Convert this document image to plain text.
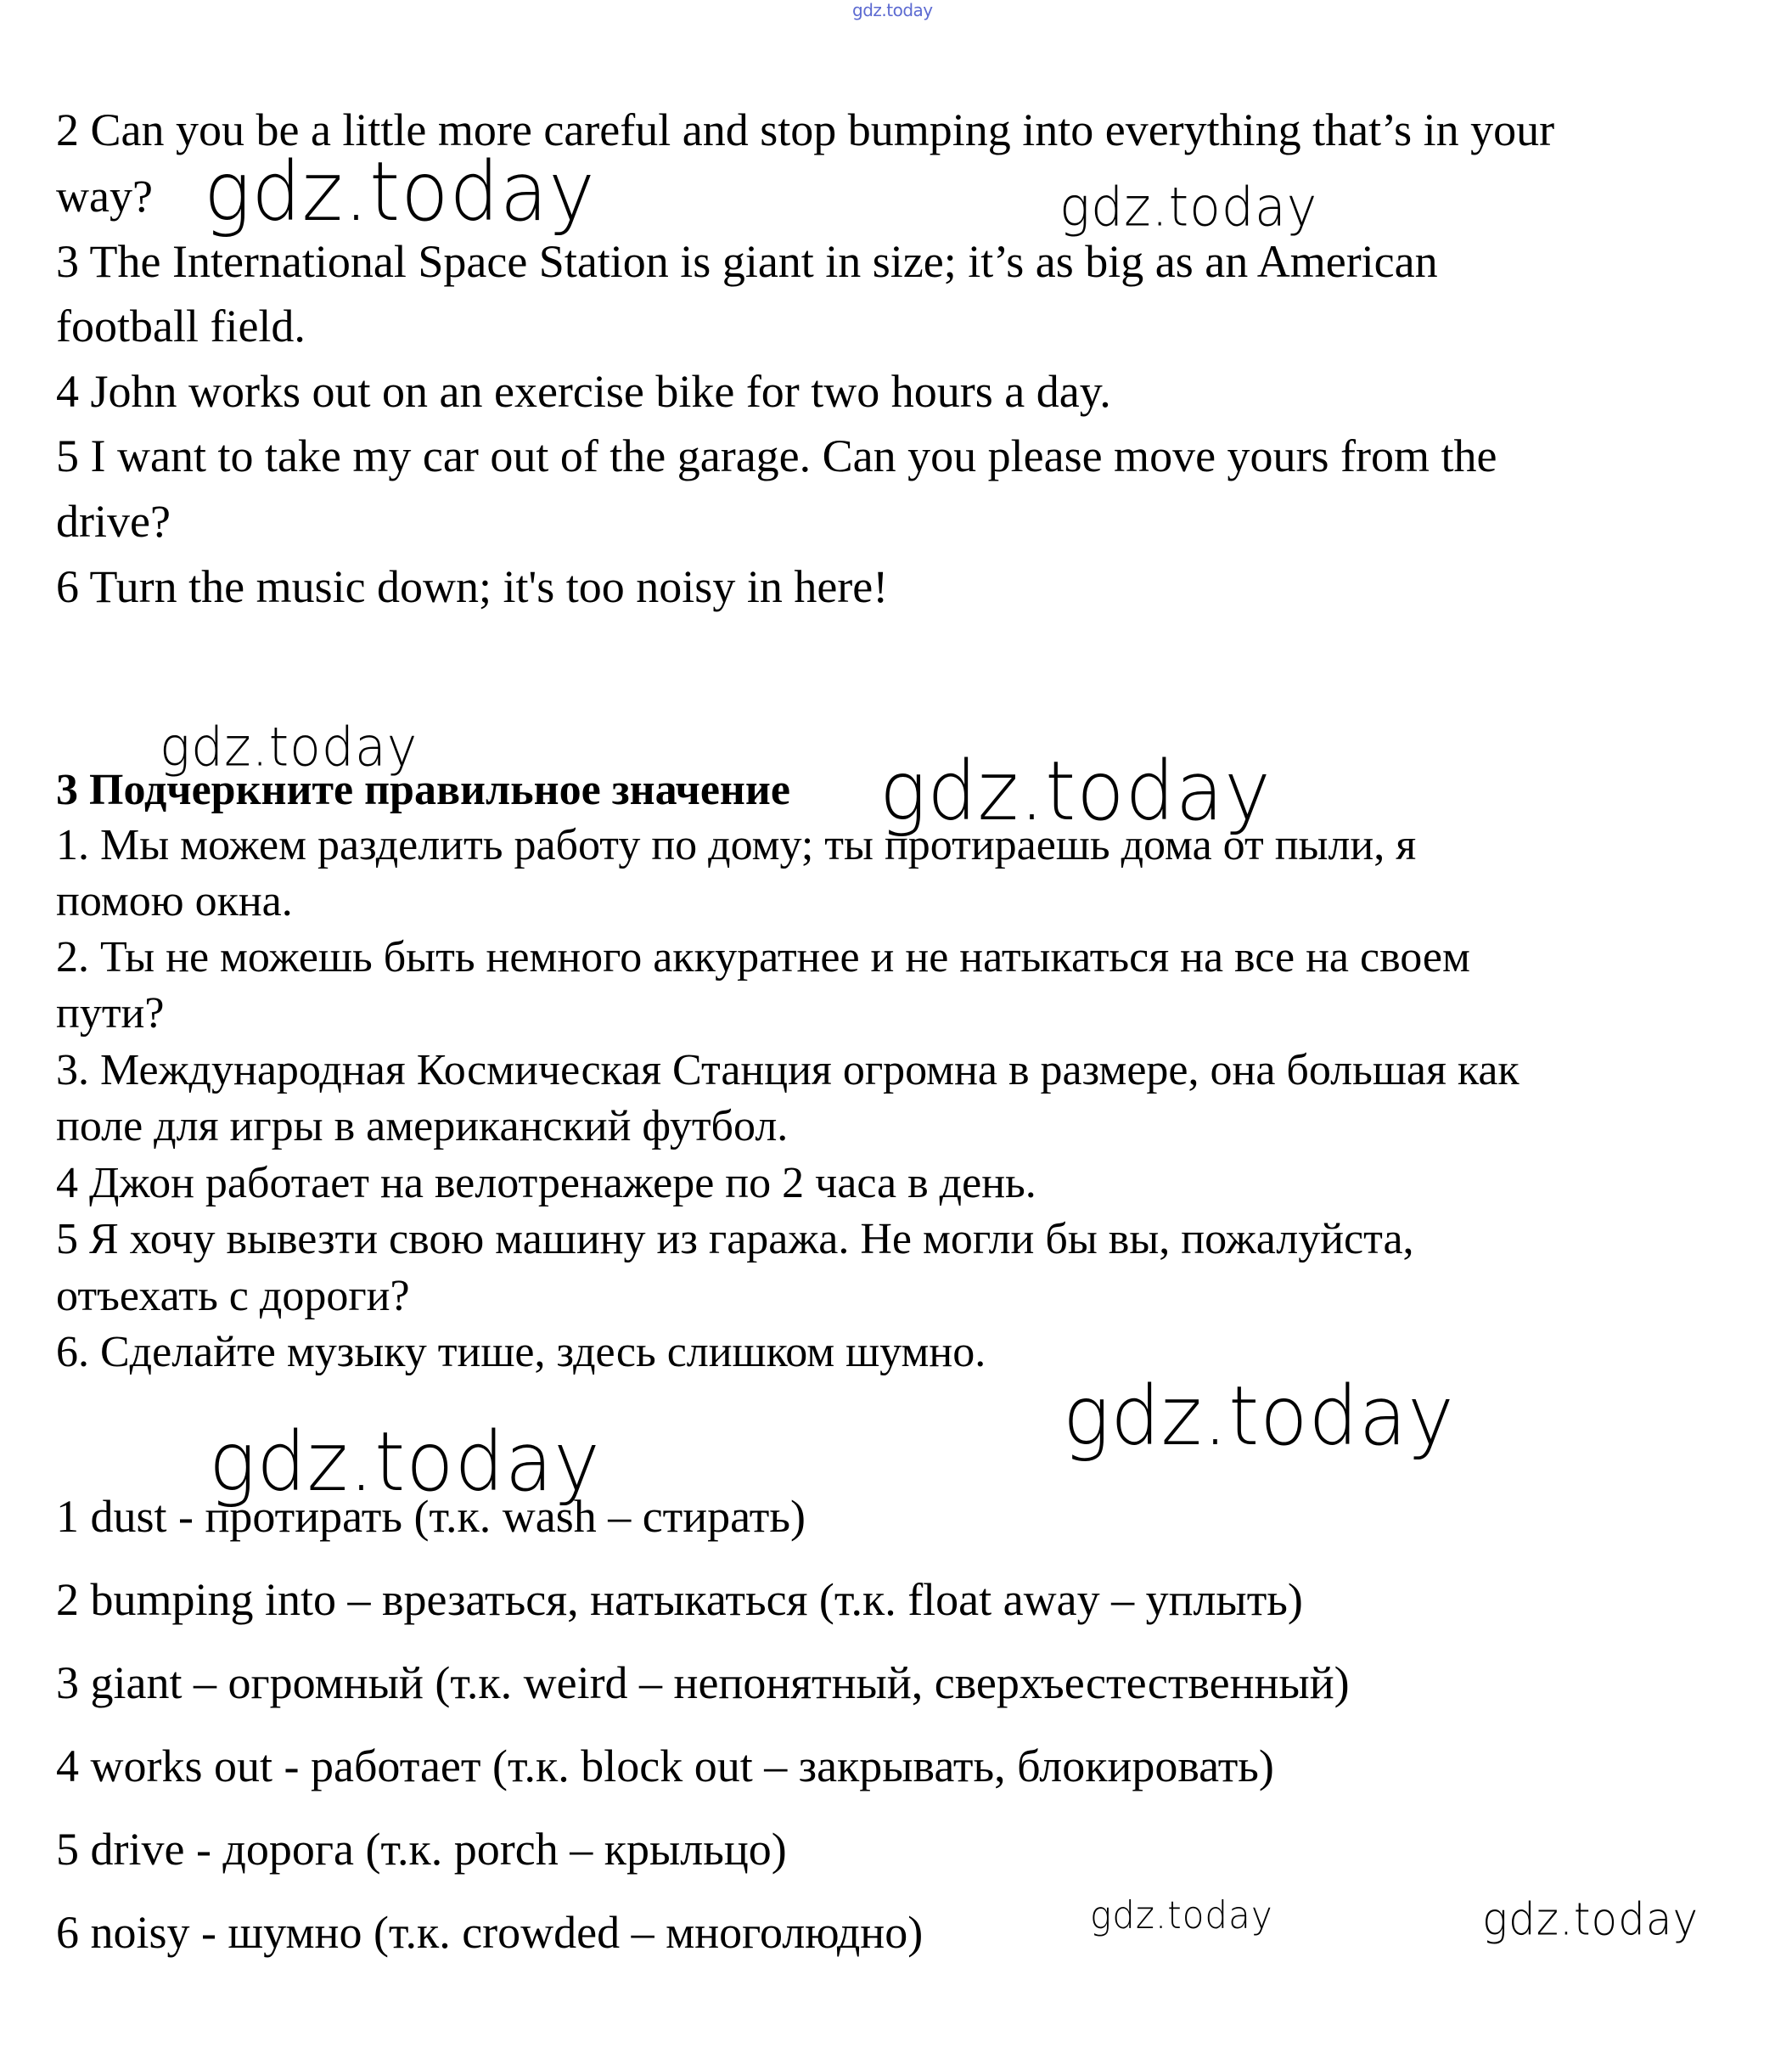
gdz.today
2 Can you be a little more careful and stop bumping into everything that’s in your
way?
3 The International Space Station is giant in size; it’s as big as an American
football field.
4 John works out on an exercise bike for two hours a day.
5 I want to take my car out of the garage. Can you please move yours from the
drive?
6 Turn the music down; it's too noisy in here!
3 Подчеркните правильное значение
1. Мы можем разделить работу по дому; ты протираешь дома от пыли, я
помою окна.
2. Ты не можешь быть немного аккуратнее и не натыкаться на все на своем
пути?
3. Международная Космическая Станция огромна в размере, она большая как
поле для игры в американский футбол.
4 Джон работает на велотренажере по 2 часа в день.
5 Я хочу вывезти свою машину из гаража. Не могли бы вы, пожалуйста,
отъехать с дороги?
6. Сделайте музыку тише, здесь слишком шумно.
1 dust - протирать (т.к. wash – стирать)
2 bumping into – врезаться, натыкаться (т.к. float away – уплыть)
3 giant – огромный (т.к. weird – непонятный, сверхъестественный)
4 works out - работает (т.к. block out – закрывать, блокировать)
5 drive - дорога (т.к. porch – крыльцо)
6 noisy - шумно (т.к. crowded – многолюдно)
gdz.today	gdz.today
gdz.today	gdz.today
gdz.today
gdz.today
gdz.today	gdz.today
